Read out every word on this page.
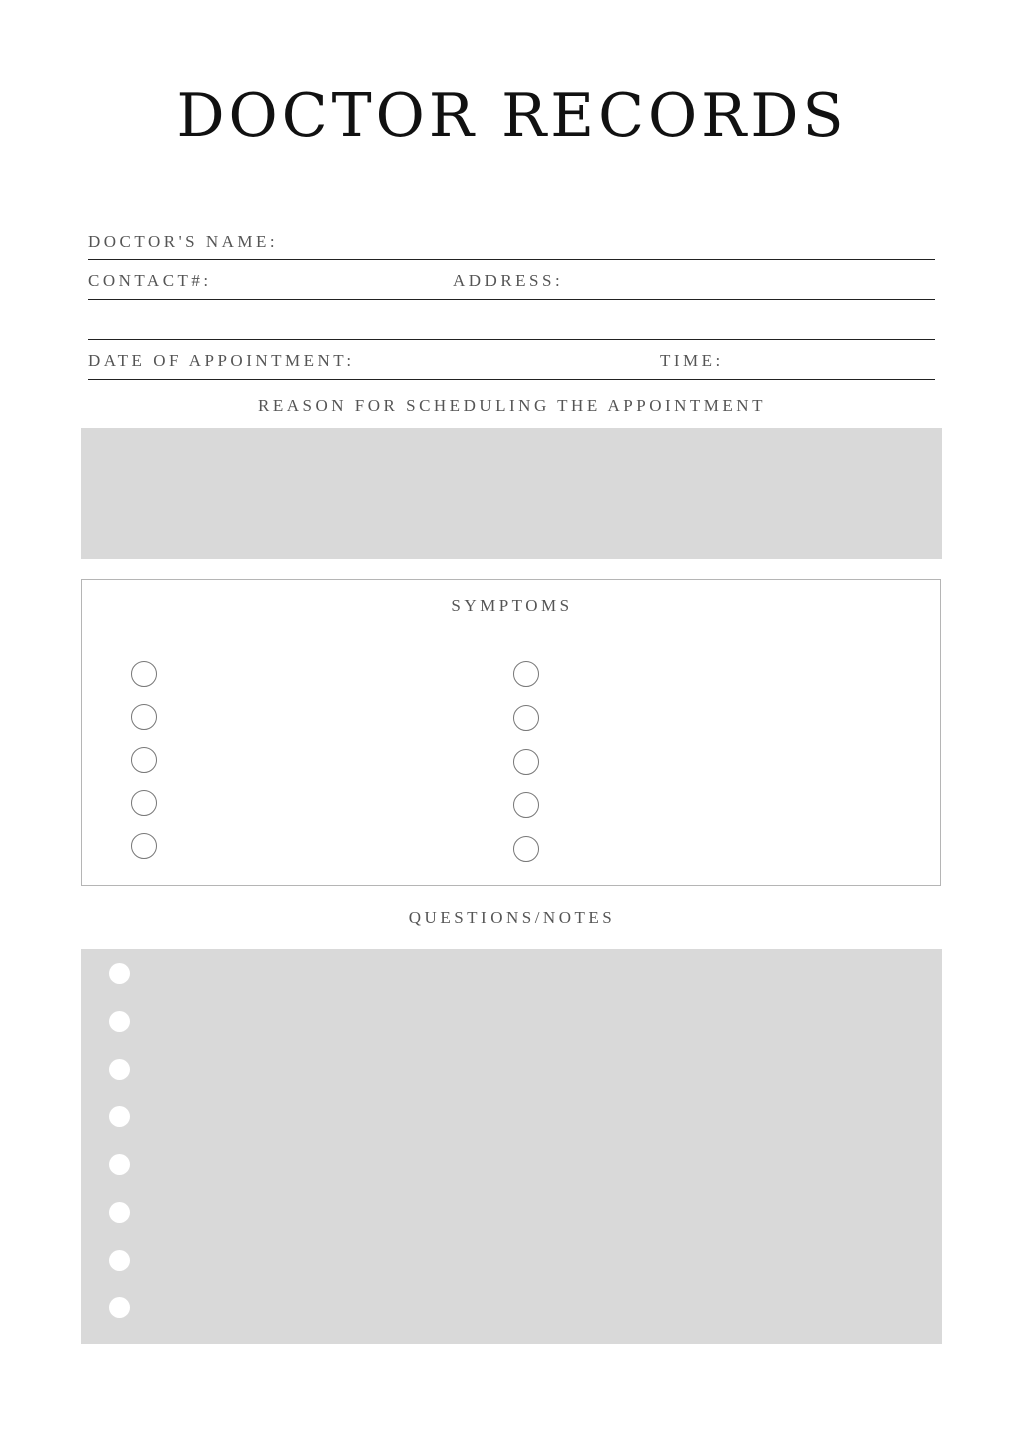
DOCTOR RECORDS
DOCTOR'S NAME:
CONTACT#:	ADDRESS:
DATE OF APPOINTMENT:	TIME:
REASON FOR SCHEDULING THE APPOINTMENT
SYMPTOMS
QUESTIONS/NOTES
